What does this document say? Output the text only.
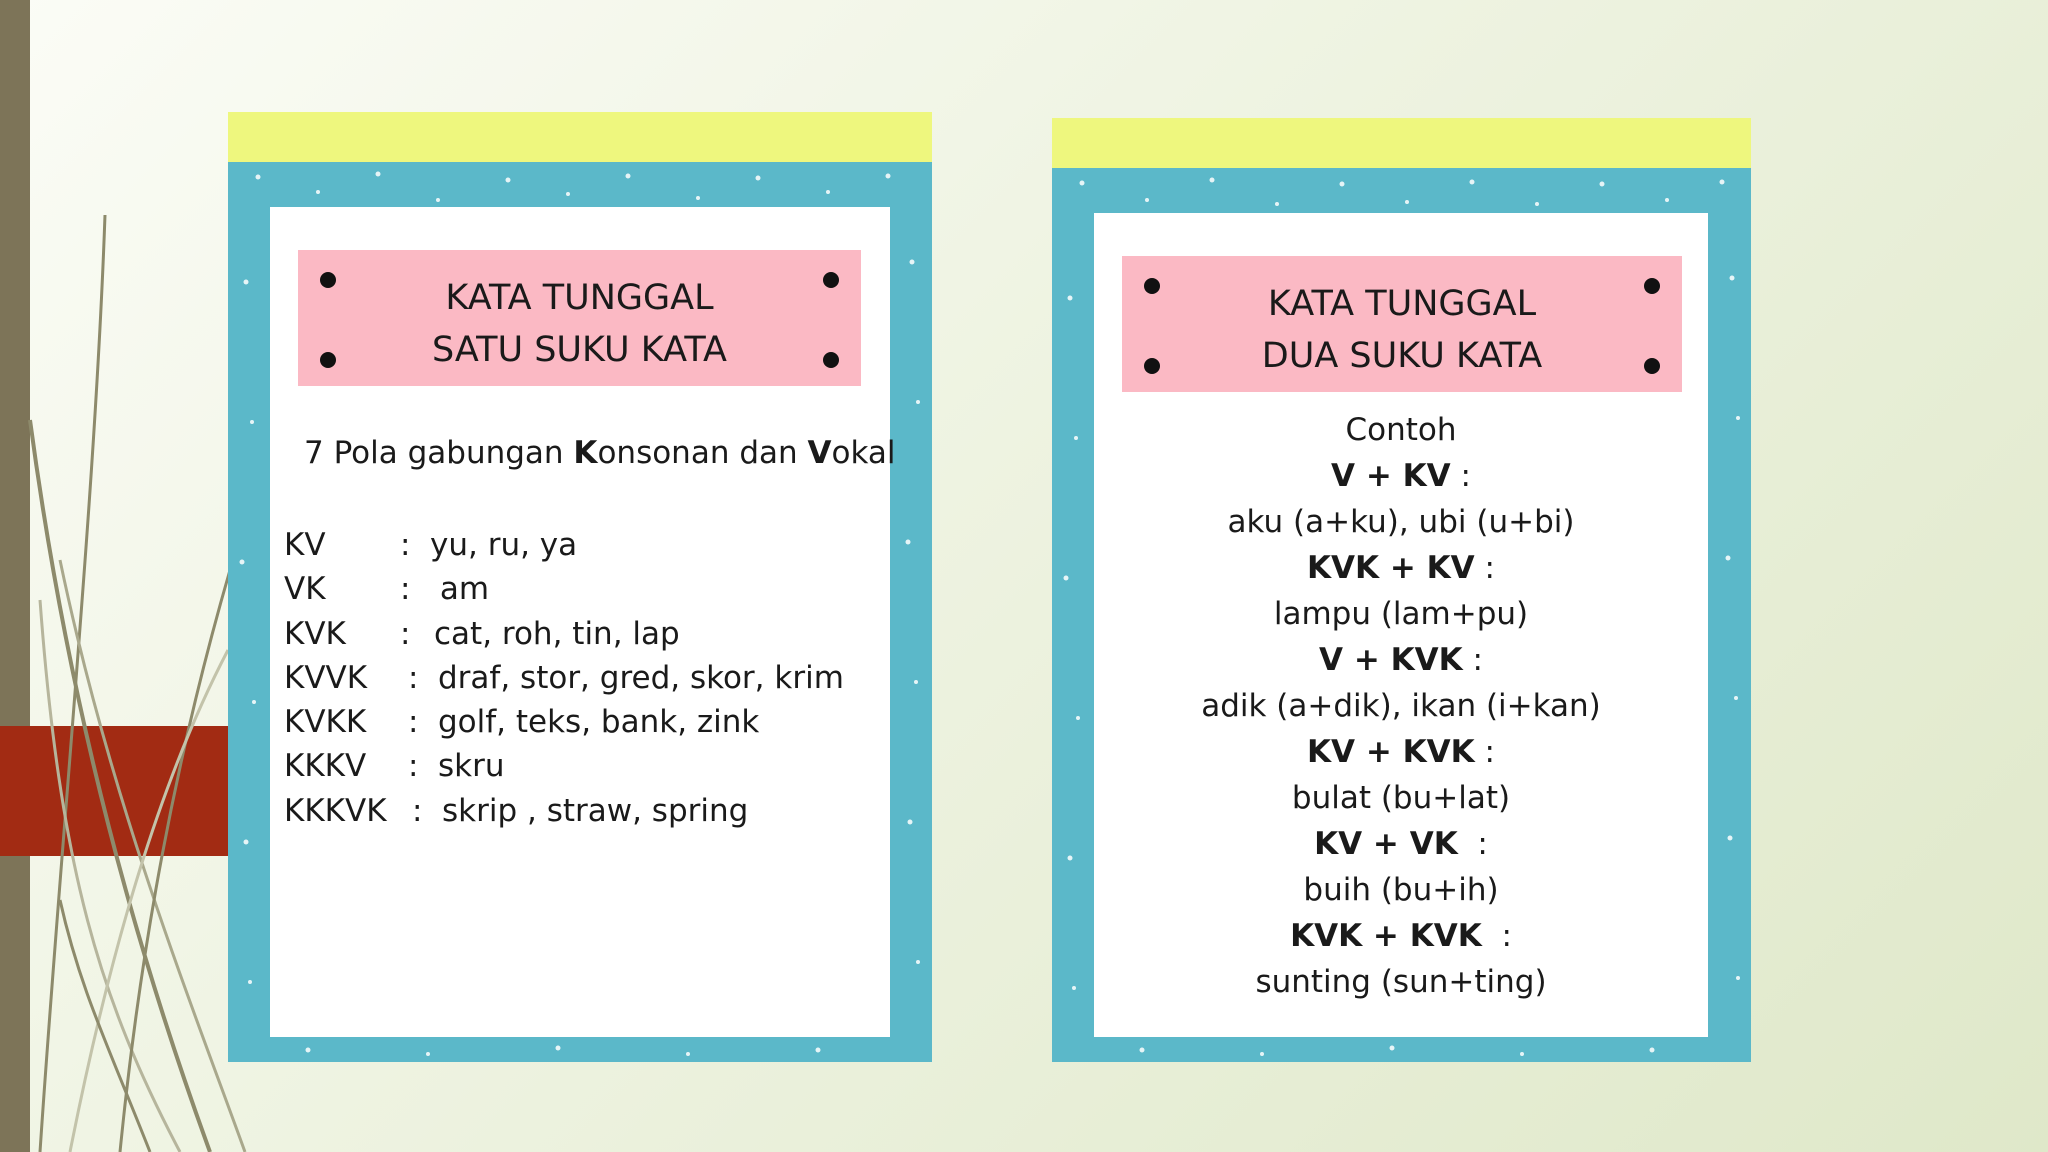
KATA TUNGGAL
SATU SUKU KATA
7 Pola gabungan Konsonan dan Vokal
KV : yu, ru, ya
VK : am
KVK : cat, roh, tin, lap
KVVK : draf, stor, gred, skor, krim
KVKK : golf, teks, bank, zink
KKKV : skru
KKKVK : skrip , straw, spring
KATA TUNGGAL
DUA SUKU KATA
Contoh
V + KV :
aku (a+ku), ubi (u+bi)
KVK + KV :
lampu (lam+pu)
V + KVK :
adik (a+dik), ikan (i+kan)
KV + KVK :
bulat (bu+lat)
KV + VK  :
buih (bu+ih)
KVK + KVK  :
sunting (sun+ting)
